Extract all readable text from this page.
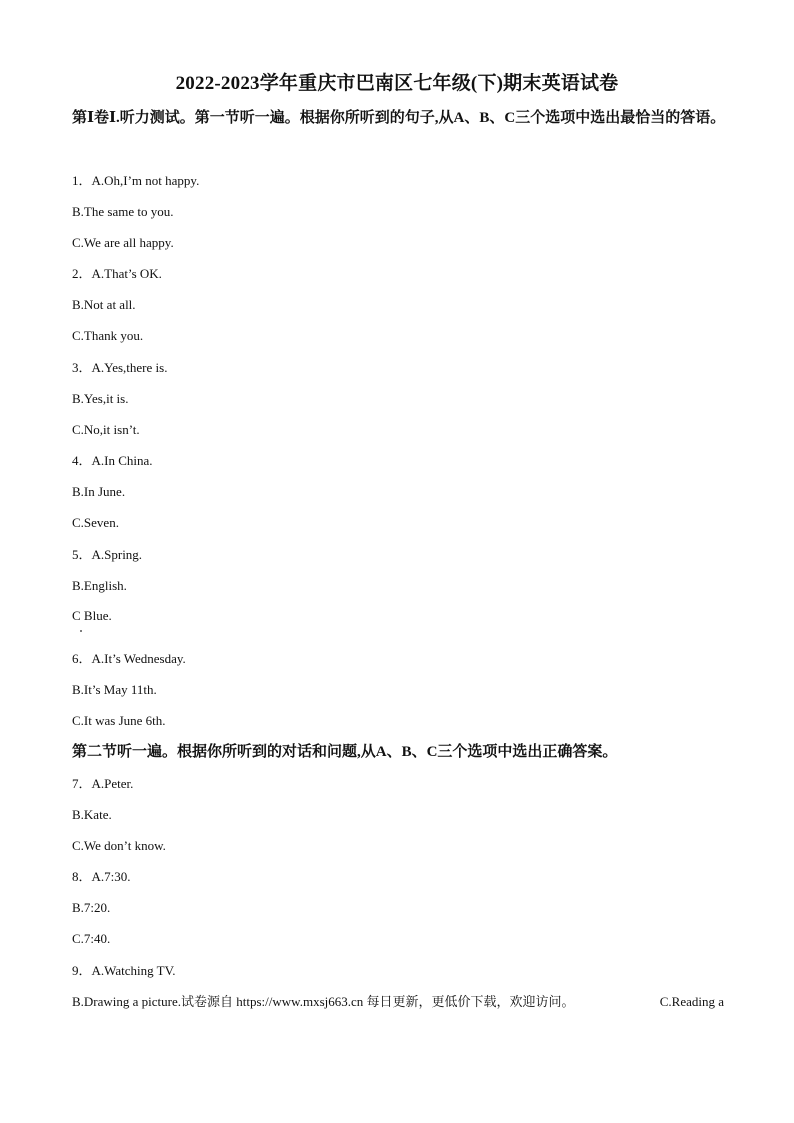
2022-2023学年重庆市巴南区七年级(下)期末英语试卷
第Ⅰ卷Ⅰ.听力测试。第一节听一遍。根据你所听到的句子,从A、B、C三个选项中选出最恰当的答语。
1．A.Oh,I’m not happy.
B.The same to you.
C.We are all happy.
2．A.That’s OK.
B.Not at all.
C.Thank you.
3．A.Yes,there is.
B.Yes,it is.
C.No,it isn’t.
4．A.In China.
B.In June.
C.Seven.
5．A.Spring.
B.English.
C Blue.
6．A.It’s Wednesday.
B.It’s May 11th.
C.It was June 6th.
第二节听一遍。根据你所听到的对话和问题,从A、B、C三个选项中选出正确答案。
7．A.Peter.
B.Kate.
C.We don’t know.
8．A.7:30.
B.7:20.
C.7:40.
9．A.Watching TV.
B.Drawing a picture.试卷源自 https://www.mxsj663.cn 每日更新，更低价下载，欢迎访问。	C.Reading a
